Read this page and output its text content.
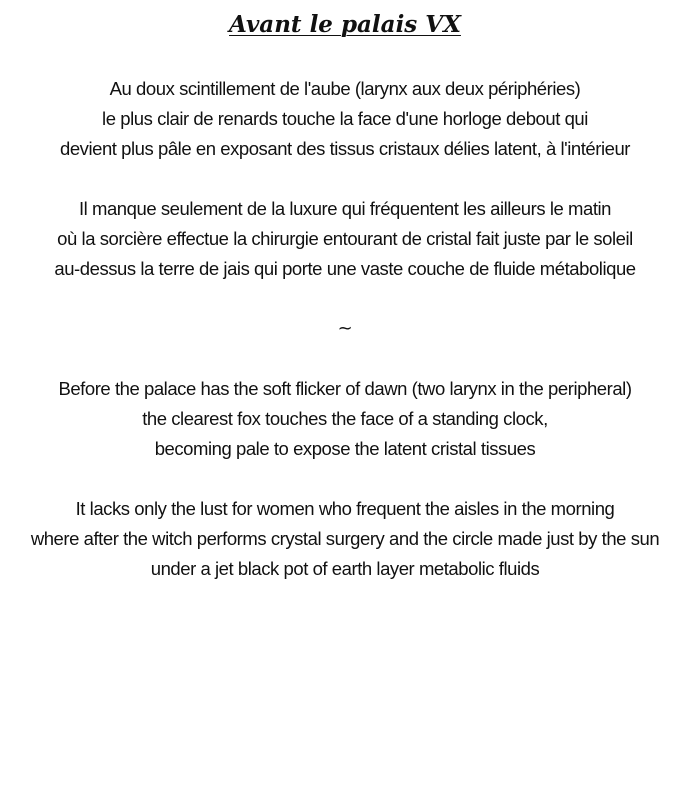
Avant le palais VX
Au doux scintillement de l'aube (larynx aux deux périphéries)
le plus clair de renards touche la face d'une horloge debout qui
devient plus pâle en exposant des tissus cristaux délies latent, à l'intérieur
Il manque seulement de la luxure qui fréquentent les ailleurs le matin
où la sorcière effectue la chirurgie entourant de cristal fait juste par le soleil
au-dessus la terre de jais qui porte une vaste couche de fluide métabolique
~
Before the palace has the soft flicker of dawn (two larynx in the peripheral)
the clearest fox touches the face of a standing clock,
becoming pale to expose the latent cristal tissues
It lacks only the lust for women who frequent the aisles in the morning
where after the witch performs crystal surgery and the circle made just by the sun
under a jet black pot of earth layer metabolic fluids
